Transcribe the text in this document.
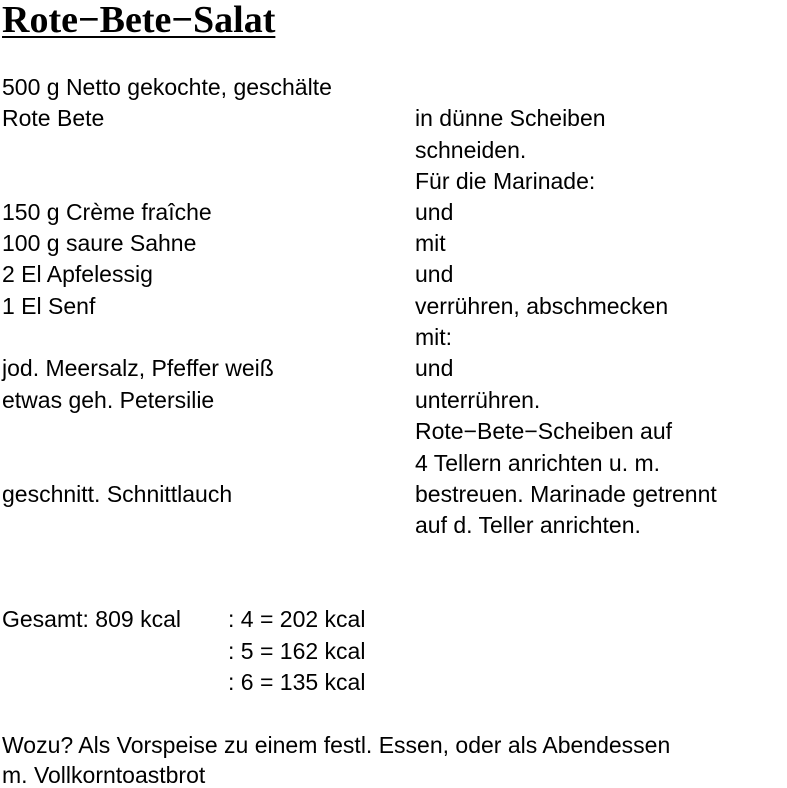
Rote−Bete−Salat
500 g Netto gekochte, geschälte
Rote Bete
150 g Crème fraîche
100 g saure Sahne
2 El Apfelessig
1 El Senf
jod. Meersalz, Pfeffer weiß
etwas geh. Petersilie
geschnitt. Schnittlauch
in dünne Scheiben
schneiden.
Für die Marinade:
und
mit
und
verrühren, abschmecken
mit:
und
unterrühren.
Rote−Bete−Scheiben auf
4 Tellern anrichten u. m.
bestreuen. Marinade getrennt
auf d. Teller anrichten.
Gesamt: 809 kcal : 4 = 202 kcal
: 5 = 162 kcal
: 6 = 135 kcal
Wozu? Als Vorspeise zu einem festl. Essen, oder als Abendessen
m. Vollkorntoastbrot
